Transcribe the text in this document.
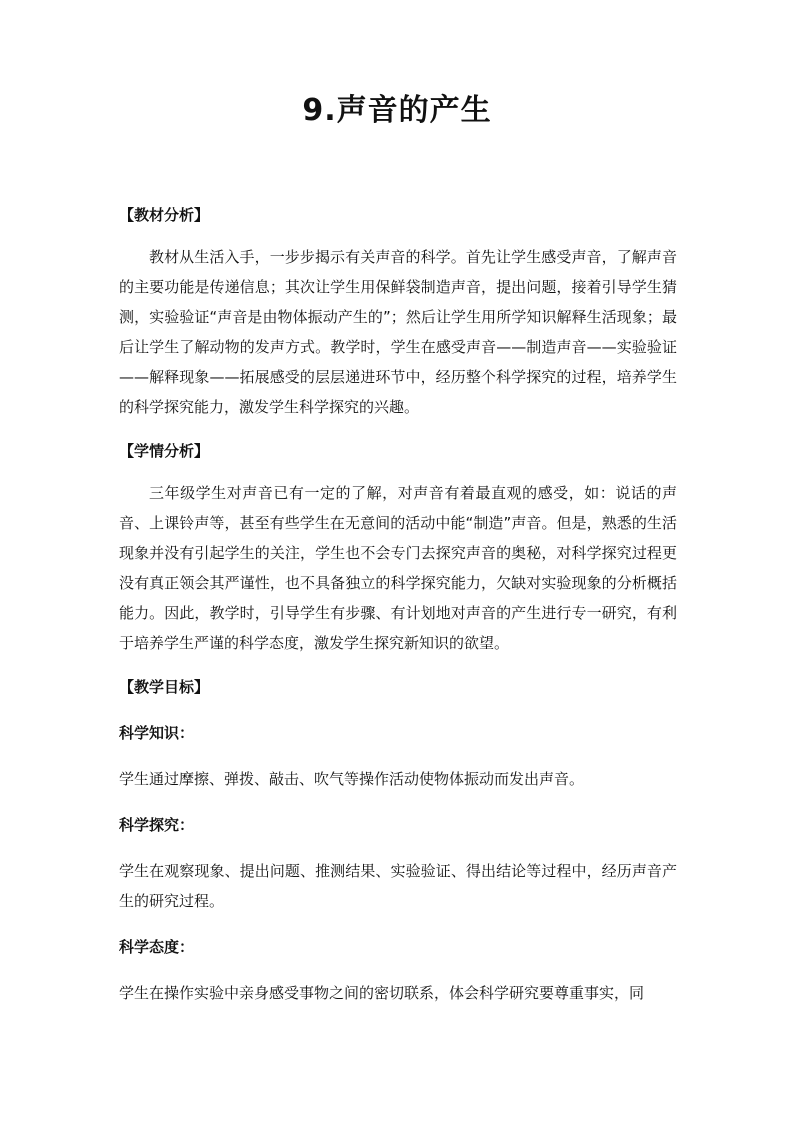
9.声音的产生

【教材分析】

教材从生活入手，一步步揭示有关声音的科学。首先让学生感受声音，了解声音的主要功能是传递信息；其次让学生用保鲜袋制造声音，提出问题，接着引导学生猜测，实验验证“声音是由物体振动产生的”；然后让学生用所学知识解释生活现象；最后让学生了解动物的发声方式。教学时，学生在感受声音——制造声音——实验验证——解释现象——拓展感受的层层递进环节中，经历整个科学探究的过程，培养学生的科学探究能力，激发学生科学探究的兴趣。

【学情分析】

三年级学生对声音已有一定的了解，对声音有着最直观的感受，如：说话的声音、上课铃声等，甚至有些学生在无意间的活动中能“制造”声音。但是，熟悉的生活现象并没有引起学生的关注，学生也不会专门去探究声音的奥秘，对科学探究过程更没有真正领会其严谨性，也不具备独立的科学探究能力，欠缺对实验现象的分析概括能力。因此，教学时，引导学生有步骤、有计划地对声音的产生进行专一研究，有利于培养学生严谨的科学态度，激发学生探究新知识的欲望。

【教学目标】

科学知识：

学生通过摩擦、弹拨、敲击、吹气等操作活动使物体振动而发出声音。

科学探究：

学生在观察现象、提出问题、推测结果、实验验证、得出结论等过程中，经历声音产生的研究过程。

科学态度：

学生在操作实验中亲身感受事物之间的密切联系，体会科学研究要尊重事实，同
